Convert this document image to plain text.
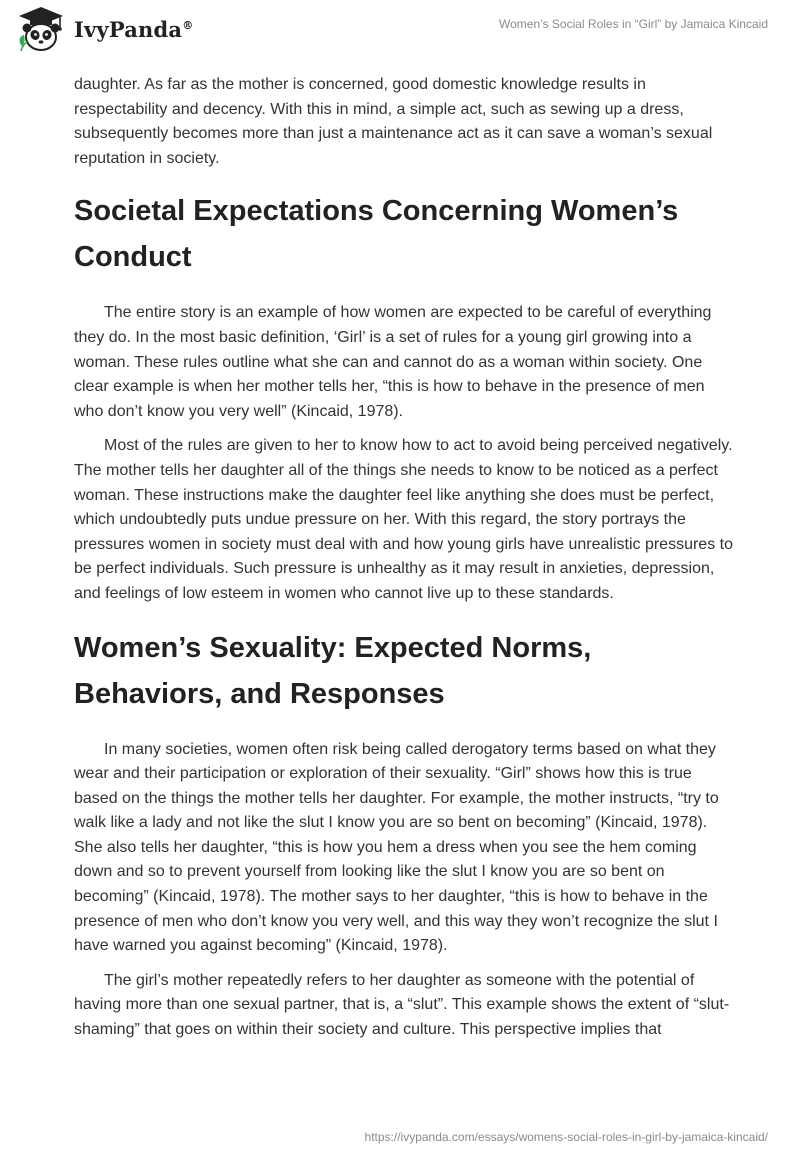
IvyPanda®	Women’s Social Roles in “Girl” by Jamaica Kincaid

daughter. As far as the mother is concerned, good domestic knowledge results in respectability and decency. With this in mind, a simple act, such as sewing up a dress, subsequently becomes more than just a maintenance act as it can save a woman’s sexual reputation in society.

Societal Expectations Concerning Women’s Conduct

The entire story is an example of how women are expected to be careful of everything they do. In the most basic definition, ‘Girl’ is a set of rules for a young girl growing into a woman. These rules outline what she can and cannot do as a woman within society. One clear example is when her mother tells her, “this is how to behave in the presence of men who don’t know you very well” (Kincaid, 1978).

Most of the rules are given to her to know how to act to avoid being perceived negatively. The mother tells her daughter all of the things she needs to know to be noticed as a perfect woman. These instructions make the daughter feel like anything she does must be perfect, which undoubtedly puts undue pressure on her. With this regard, the story portrays the pressures women in society must deal with and how young girls have unrealistic pressures to be perfect individuals. Such pressure is unhealthy as it may result in anxieties, depression, and feelings of low esteem in women who cannot live up to these standards.

Women’s Sexuality: Expected Norms, Behaviors, and Responses

In many societies, women often risk being called derogatory terms based on what they wear and their participation or exploration of their sexuality. “Girl” shows how this is true based on the things the mother tells her daughter. For example, the mother instructs, “try to walk like a lady and not like the slut I know you are so bent on becoming” (Kincaid, 1978). She also tells her daughter, “this is how you hem a dress when you see the hem coming down and so to prevent yourself from looking like the slut I know you are so bent on becoming” (Kincaid, 1978). The mother says to her daughter, “this is how to behave in the presence of men who don’t know you very well, and this way they won’t recognize the slut I have warned you against becoming” (Kincaid, 1978).

The girl’s mother repeatedly refers to her daughter as someone with the potential of having more than one sexual partner, that is, a “slut”. This example shows the extent of “slut-shaming” that goes on within their society and culture. This perspective implies that

https://ivypanda.com/essays/womens-social-roles-in-girl-by-jamaica-kincaid/
